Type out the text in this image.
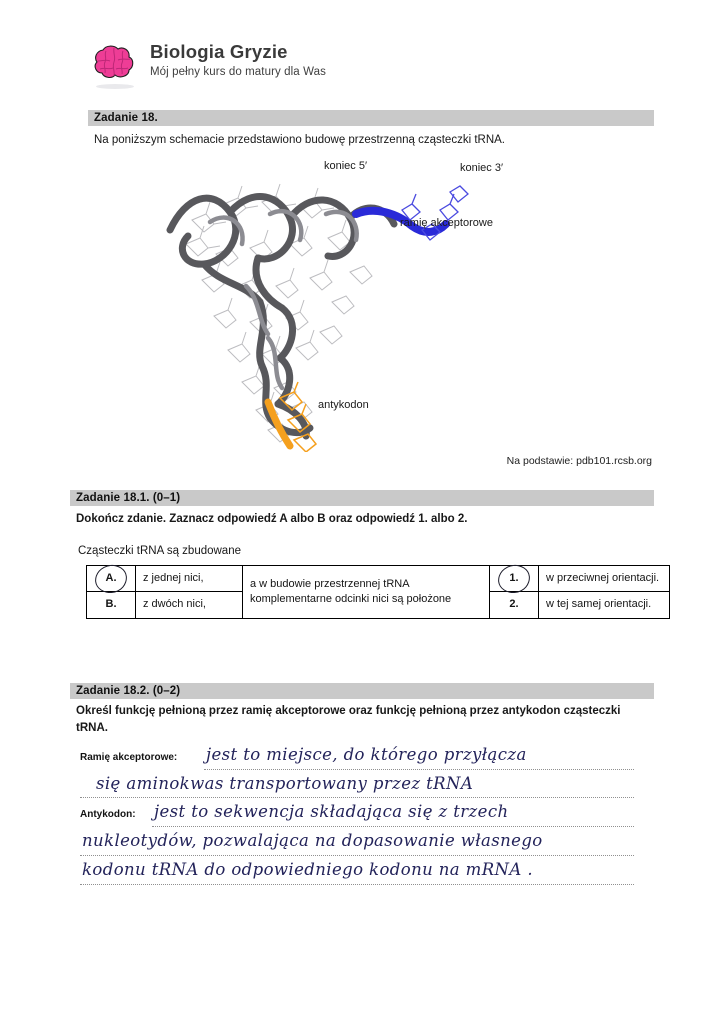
Biologia Gryzie
Mój pełny kurs do matury dla Was
Zadanie 18.
Na poniższym schemacie przedstawiono budowę przestrzenną cząsteczki tRNA.
koniec 5′	koniec 3′
ramię akceptorowe
antykodon
Na podstawie: pdb101.rcsb.org
Zadanie 18.1. (0–1)
Dokończ zdanie. Zaznacz odpowiedź A albo B oraz odpowiedź 1. albo 2.
Cząsteczki tRNA są zbudowane
A.	z jednej nici,	a w budowie przestrzennej tRNA komplementarne odcinki nici są położone	1.	w przeciwnej orientacji.
B.	z dwóch nici,		2.	w tej samej orientacji.
Zadanie 18.2. (0–2)
Określ funkcję pełnioną przez ramię akceptorowe oraz funkcję pełnioną przez antykodon cząsteczki tRNA.
Ramię akceptorowe: jest to miejsce, do którego przyłącza
się aminokwas transportowany przez tRNA
Antykodon: jest to sekwencja składająca się z trzech
nukleotydów, pozwalająca na dopasowanie własnego
kodonu tRNA do odpowiedniego kodonu na mRNA .
